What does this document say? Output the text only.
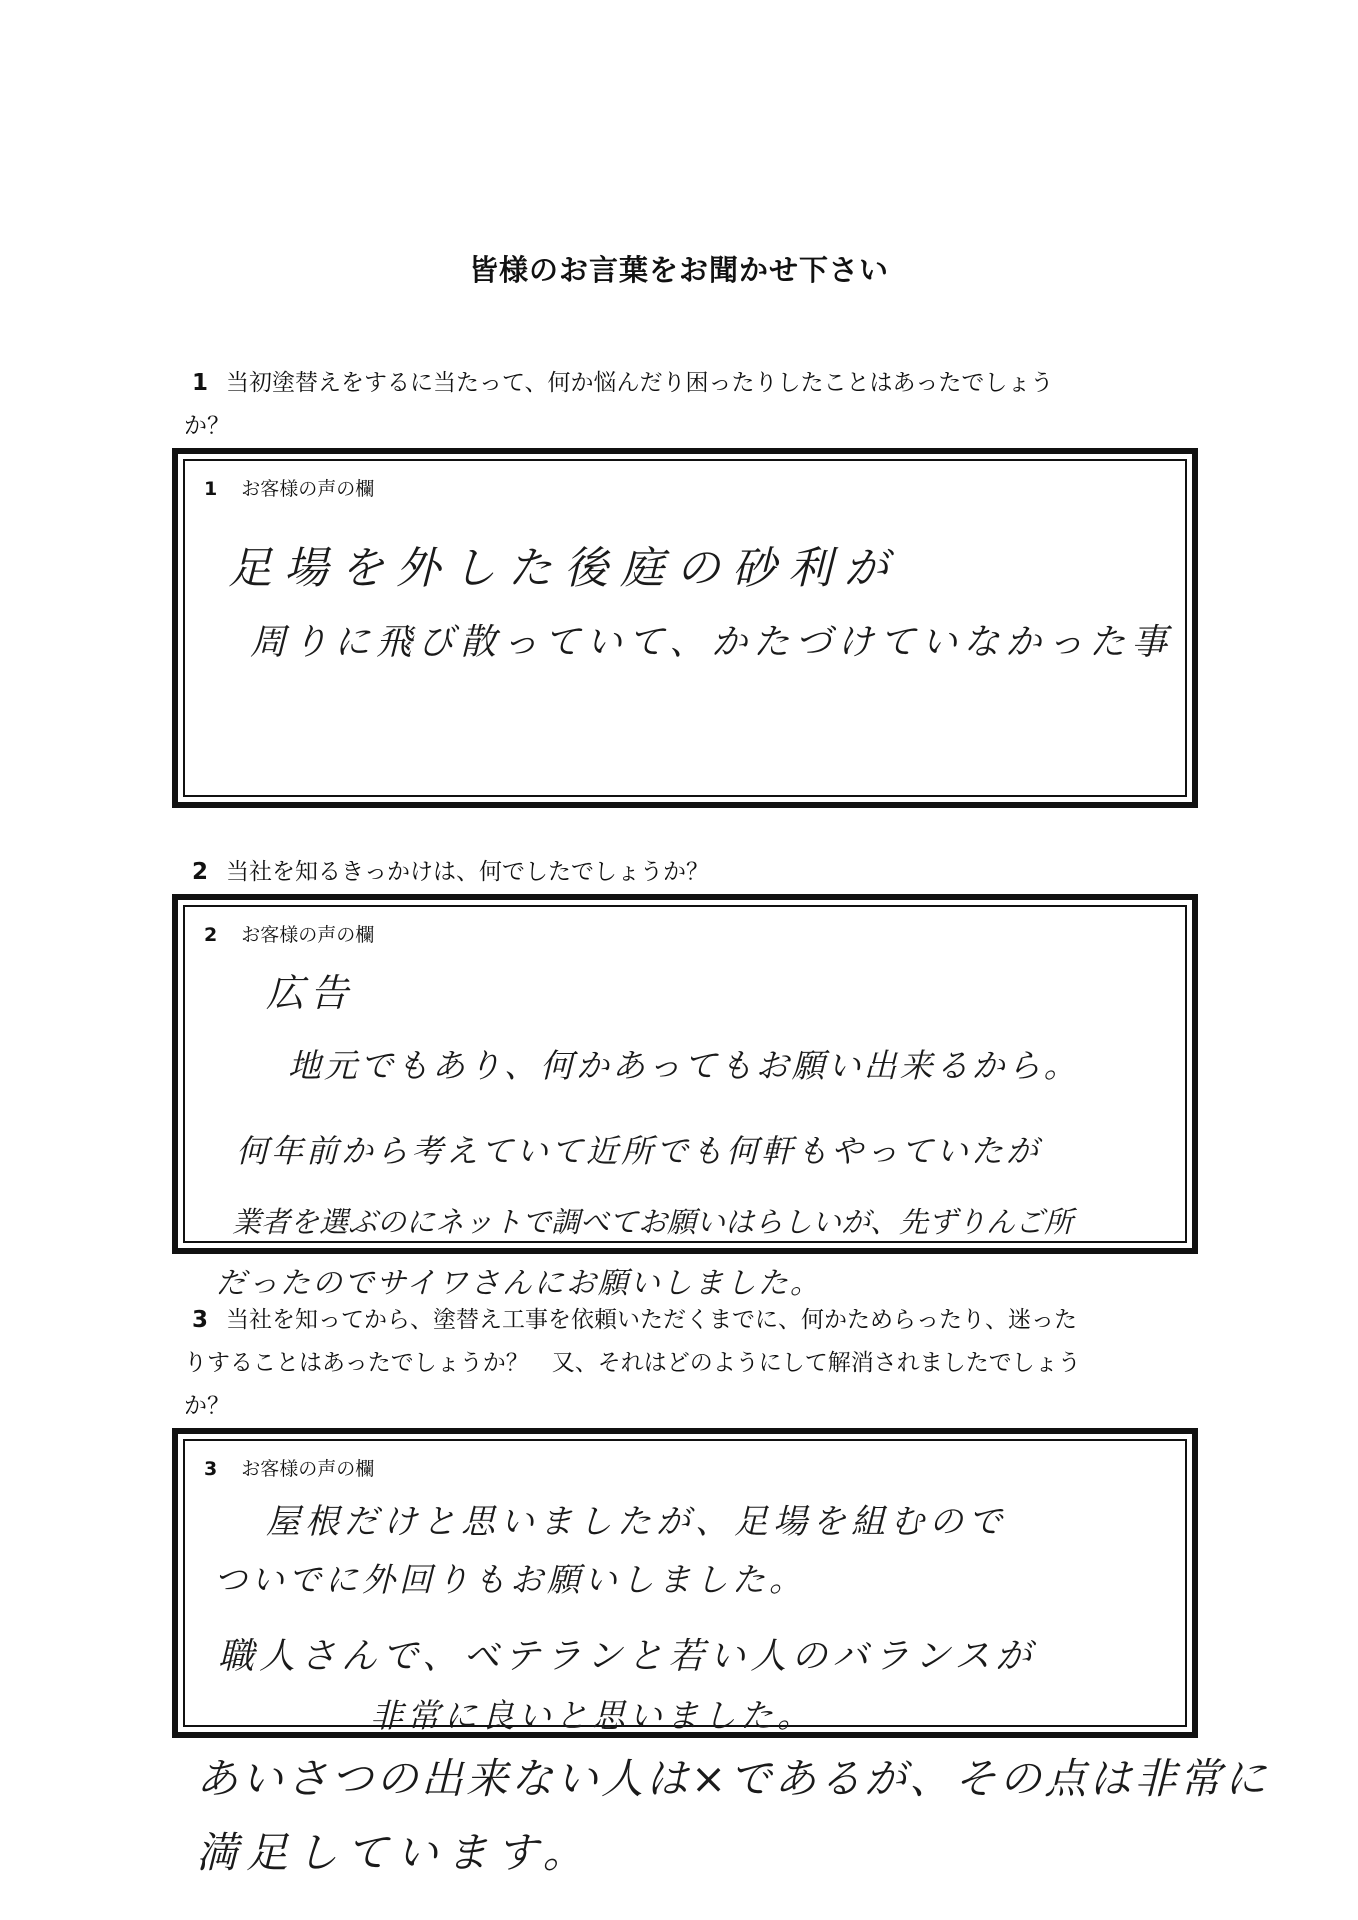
皆様のお言葉をお聞かせ下さい
1 当初塗替えをするに当たって、何か悩んだり困ったりしたことはあったでしょう
か？
1 お客様の声の欄
足場を外した後庭の砂利が
周りに飛び散っていて、かたづけていなかった事
2 当社を知るきっかけは、何でしたでしょうか？
2 お客様の声の欄
広告
地元でもあり、何かあってもお願い出来るから。
何年前から考えていて近所でも何軒もやっていたが
業者を選ぶのにネットで調べてお願いはらしいが、先ずりんご所
だったのでサイワさんにお願いしました。
3 当社を知ってから、塗替え工事を依頼いただくまでに、何かためらったり、迷った
りすることはあったでしょうか？　又、それはどのようにして解消されましたでしょう
か？
3 お客様の声の欄
屋根だけと思いましたが、足場を組むので
ついでに外回りもお願いしました。
職人さんで、ベテランと若い人のバランスが
非常に良いと思いました。
あいさつの出来ない人は×であるが、その点は非常に
満足しています。
